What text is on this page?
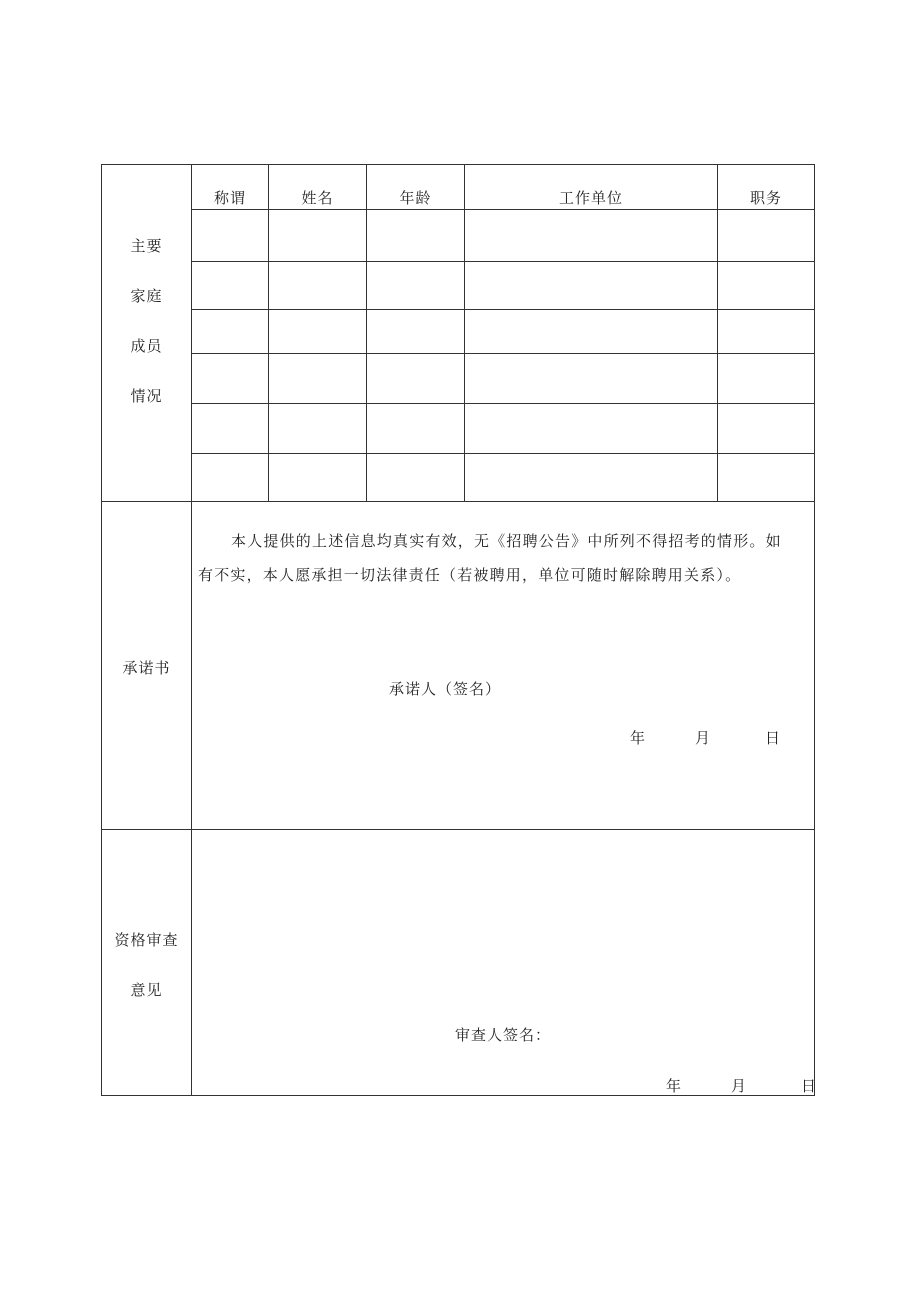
主要
家庭
成员
情况
称谓	姓名	年龄	工作单位	职务
承诺书
本人提供的上述信息均真实有效，无《招聘公告》中所列不得招考的情形。如
有不实，本人愿承担一切法律责任（若被聘用，单位可随时解除聘用关系）。
承诺人（签名）
年	月	日
资格审查
意见
审查人签名：
年	月	日
